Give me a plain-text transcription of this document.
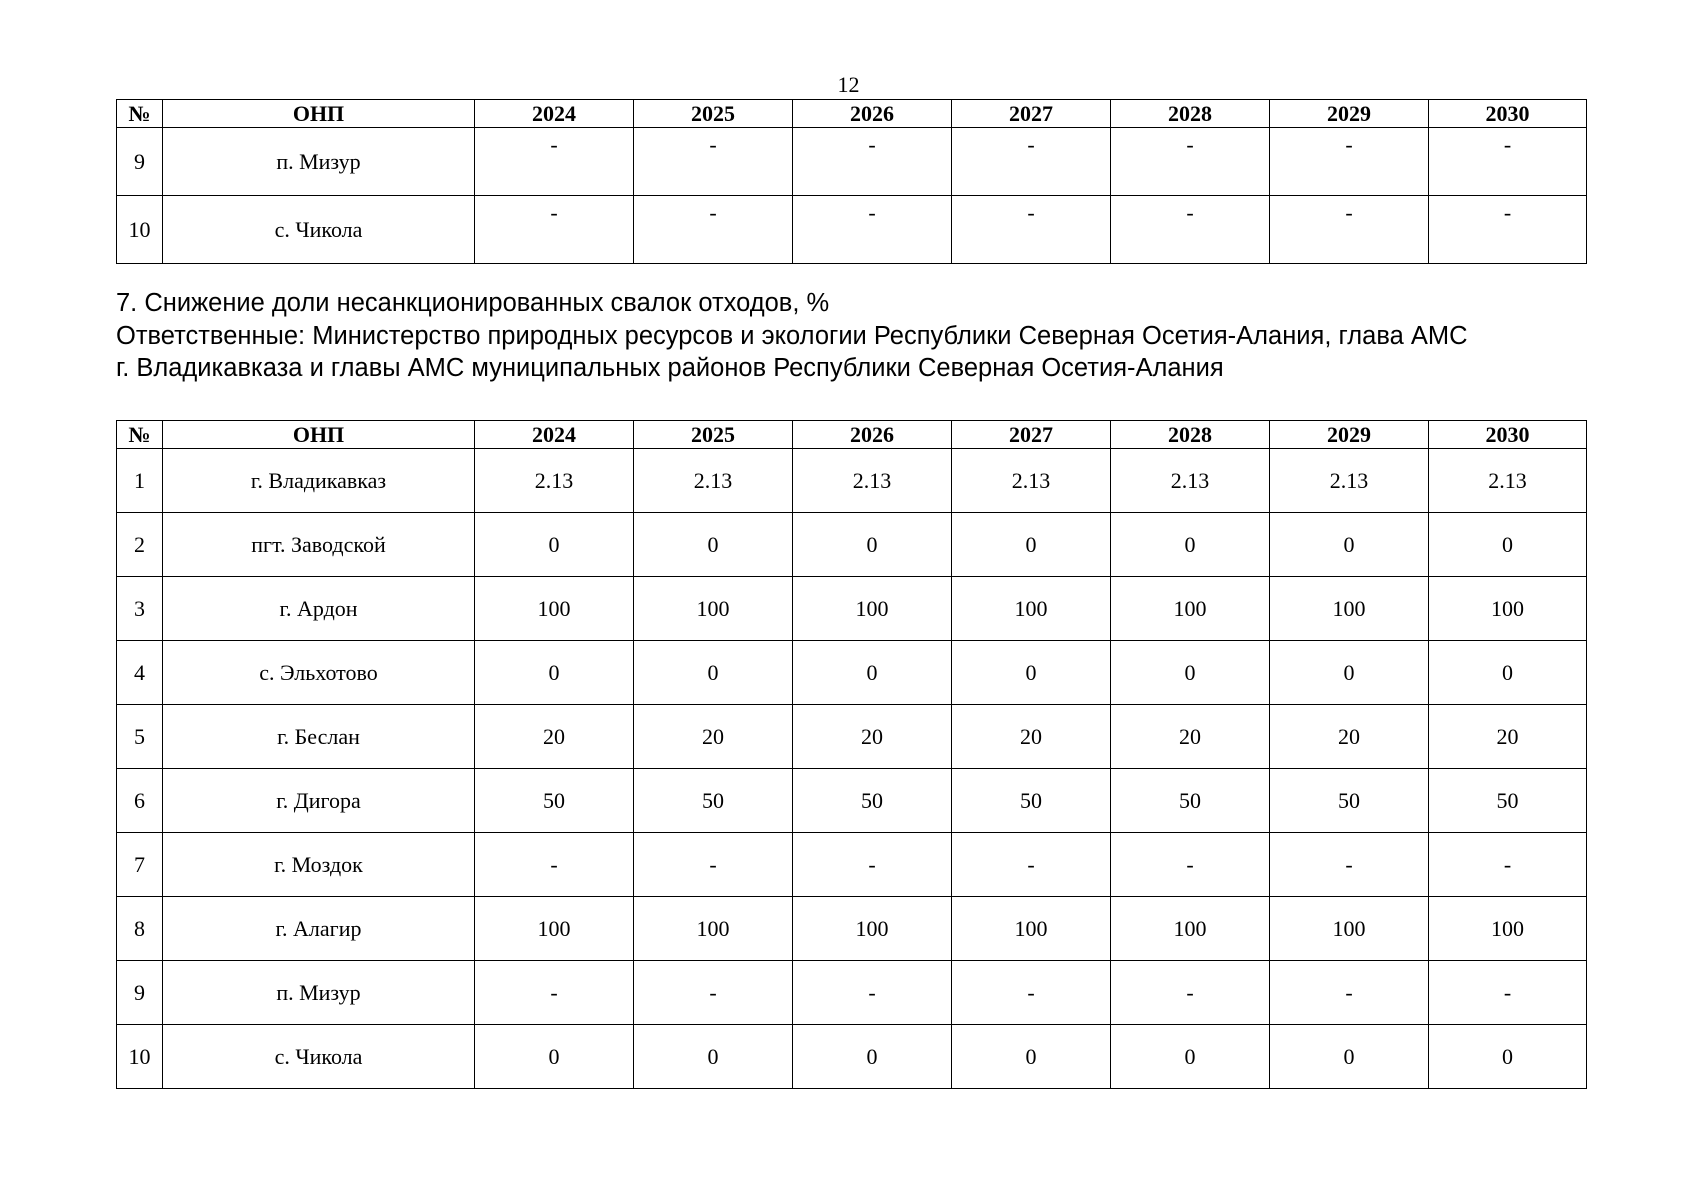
12
№	ОНП	2024	2025	2026	2027	2028	2029	2030
9	п. Мизур	-	-	-	-	-	-	-
10	с. Чикола	-	-	-	-	-	-	-
7. Снижение доли несанкционированных свалок отходов, %
Ответственные: Министерство природных ресурсов и экологии Республики Северная Осетия-Алания, глава АМС
г. Владикавказа и главы АМС муниципальных районов Республики Северная Осетия-Алания
№	ОНП	2024	2025	2026	2027	2028	2029	2030
1	г. Владикавказ	2.13	2.13	2.13	2.13	2.13	2.13	2.13
2	пгт. Заводской	0	0	0	0	0	0	0
3	г. Ардон	100	100	100	100	100	100	100
4	с. Эльхотово	0	0	0	0	0	0	0
5	г. Беслан	20	20	20	20	20	20	20
6	г. Дигора	50	50	50	50	50	50	50
7	г. Моздок	-	-	-	-	-	-	-
8	г. Алагир	100	100	100	100	100	100	100
9	п. Мизур	-	-	-	-	-	-	-
10	с. Чикола	0	0	0	0	0	0	0
